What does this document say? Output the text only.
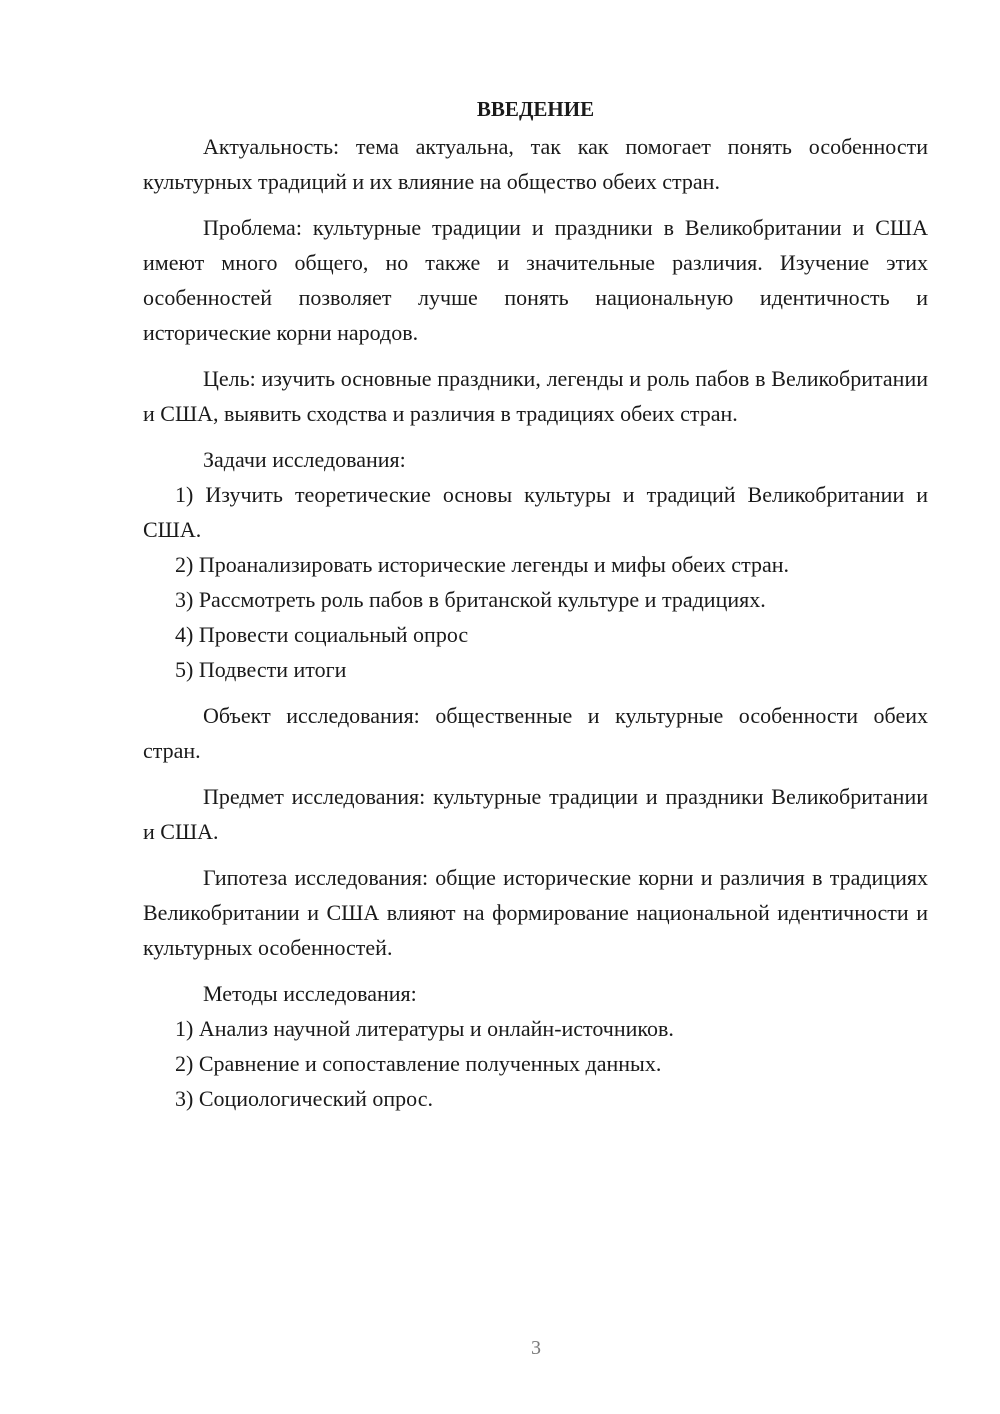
ВВЕДЕНИЕ

Актуальность: тема актуальна, так как помогает понять особенности культурных традиций и их влияние на общество обеих стран.

Проблема: культурные традиции и праздники в Великобритании и США имеют много общего, но также и значительные различия. Изучение этих особенностей позволяет лучше понять национальную идентичность и исторические корни народов.

Цель: изучить основные праздники, легенды и роль пабов в Великобритании и США, выявить сходства и различия в традициях обеих стран.

Задачи исследования:

1) Изучить теоретические основы культуры и традиций Великобритании и США.

2) Проанализировать исторические легенды и мифы обеих стран.

3) Рассмотреть роль пабов в британской культуре и традициях.

4) Провести социальный опрос

5) Подвести итоги

Объект исследования: общественные и культурные особенности обеих стран.

Предмет исследования: культурные традиции и праздники Великобритании и США.

Гипотеза исследования: общие исторические корни и различия в традициях Великобритании и США влияют на формирование национальной идентичности и культурных особенностей.

Методы исследования:

1) Анализ научной литературы и онлайн-источников.

2) Сравнение и сопоставление полученных данных.

3) Социологический опрос.

3
